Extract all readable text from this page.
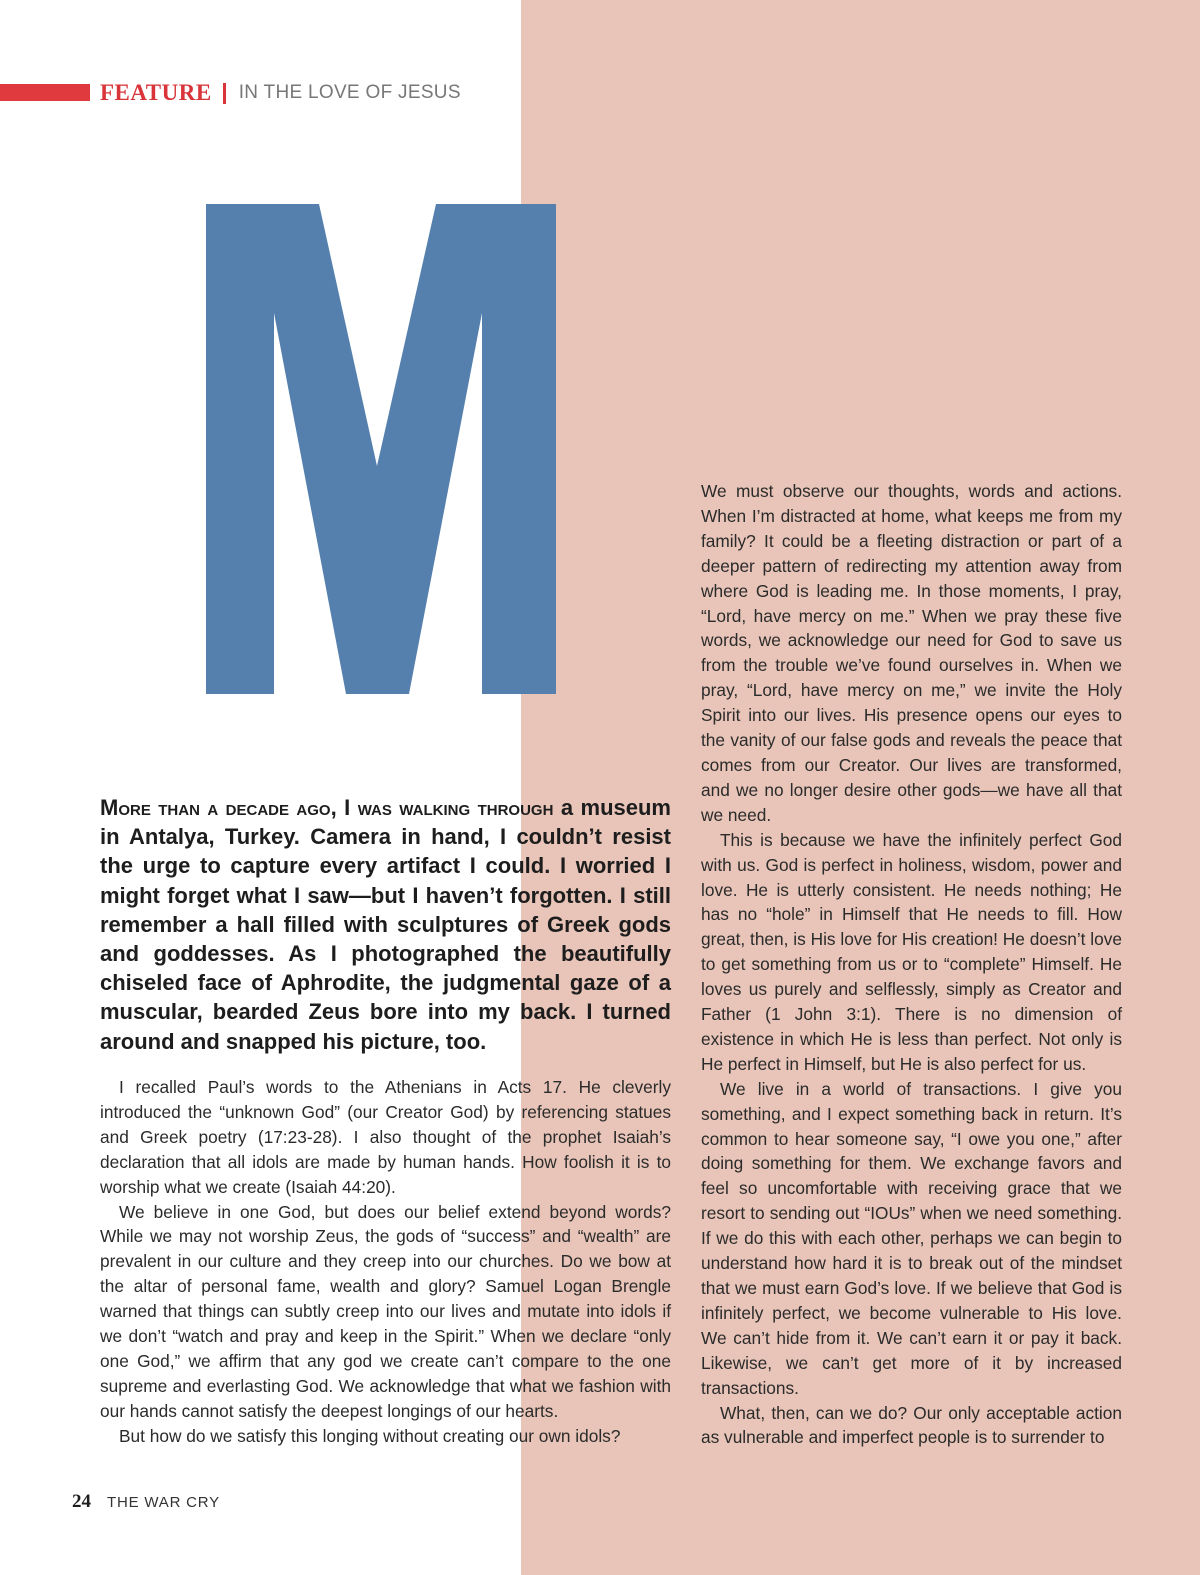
FEATURE IN THE LOVE OF JESUS

More than a decade ago, I was walking through a museum in Antalya, Turkey. Camera in hand, I couldn’t resist the urge to capture every artifact I could. I worried I might forget what I saw—but I haven’t forgotten. I still remember a hall filled with sculptures of Greek gods and goddesses. As I photographed the beautifully chiseled face of Aphrodite, the judgmental gaze of a muscular, bearded Zeus bore into my back. I turned around and snapped his picture, too.

I recalled Paul’s words to the Athenians in Acts 17. He cleverly introduced the “unknown God” (our Creator God) by referencing statues and Greek poetry (17:23-28). I also thought of the prophet Isaiah’s declaration that all idols are made by human hands. How foolish it is to worship what we create (Isaiah 44:20).

We believe in one God, but does our belief extend beyond words? While we may not worship Zeus, the gods of “success” and “wealth” are prevalent in our culture and they creep into our churches. Do we bow at the altar of personal fame, wealth and glory? Samuel Logan Brengle warned that things can subtly creep into our lives and mutate into idols if we don’t “watch and pray and keep in the Spirit.” When we declare “only one God,” we affirm that any god we create can’t compare to the one supreme and everlasting God. We acknowledge that what we fashion with our hands cannot satisfy the deepest longings of our hearts.

But how do we satisfy this longing without creating our own idols?

We must observe our thoughts, words and actions. When I’m distracted at home, what keeps me from my family? It could be a fleeting distraction or part of a deeper pattern of redirecting my attention away from where God is leading me. In those moments, I pray, “Lord, have mercy on me.” When we pray these five words, we acknowledge our need for God to save us from the trouble we’ve found ourselves in. When we pray, “Lord, have mercy on me,” we invite the Holy Spirit into our lives. His presence opens our eyes to the vanity of our false gods and reveals the peace that comes from our Creator. Our lives are transformed, and we no longer desire other gods—we have all that we need.

This is because we have the infinitely perfect God with us. God is perfect in holiness, wisdom, power and love. He is utterly consistent. He needs nothing; He has no “hole” in Himself that He needs to fill. How great, then, is His love for His creation! He doesn’t love to get something from us or to “complete” Himself. He loves us purely and selflessly, simply as Creator and Father (1 John 3:1). There is no dimension of existence in which He is less than perfect. Not only is He perfect in Himself, but He is also perfect for us.

We live in a world of transactions. I give you something, and I expect something back in return. It’s common to hear someone say, “I owe you one,” after doing something for them. We exchange favors and feel so uncomfortable with receiving grace that we resort to sending out “IOUs” when we need something. If we do this with each other, perhaps we can begin to understand how hard it is to break out of the mindset that we must earn God’s love. If we believe that God is infinitely perfect, we become vulnerable to His love. We can’t hide from it. We can’t earn it or pay it back. Likewise, we can’t get more of it by increased transactions.

What, then, can we do? Our only acceptable action as vulnerable and imperfect people is to surrender to

24 THE WAR CRY
